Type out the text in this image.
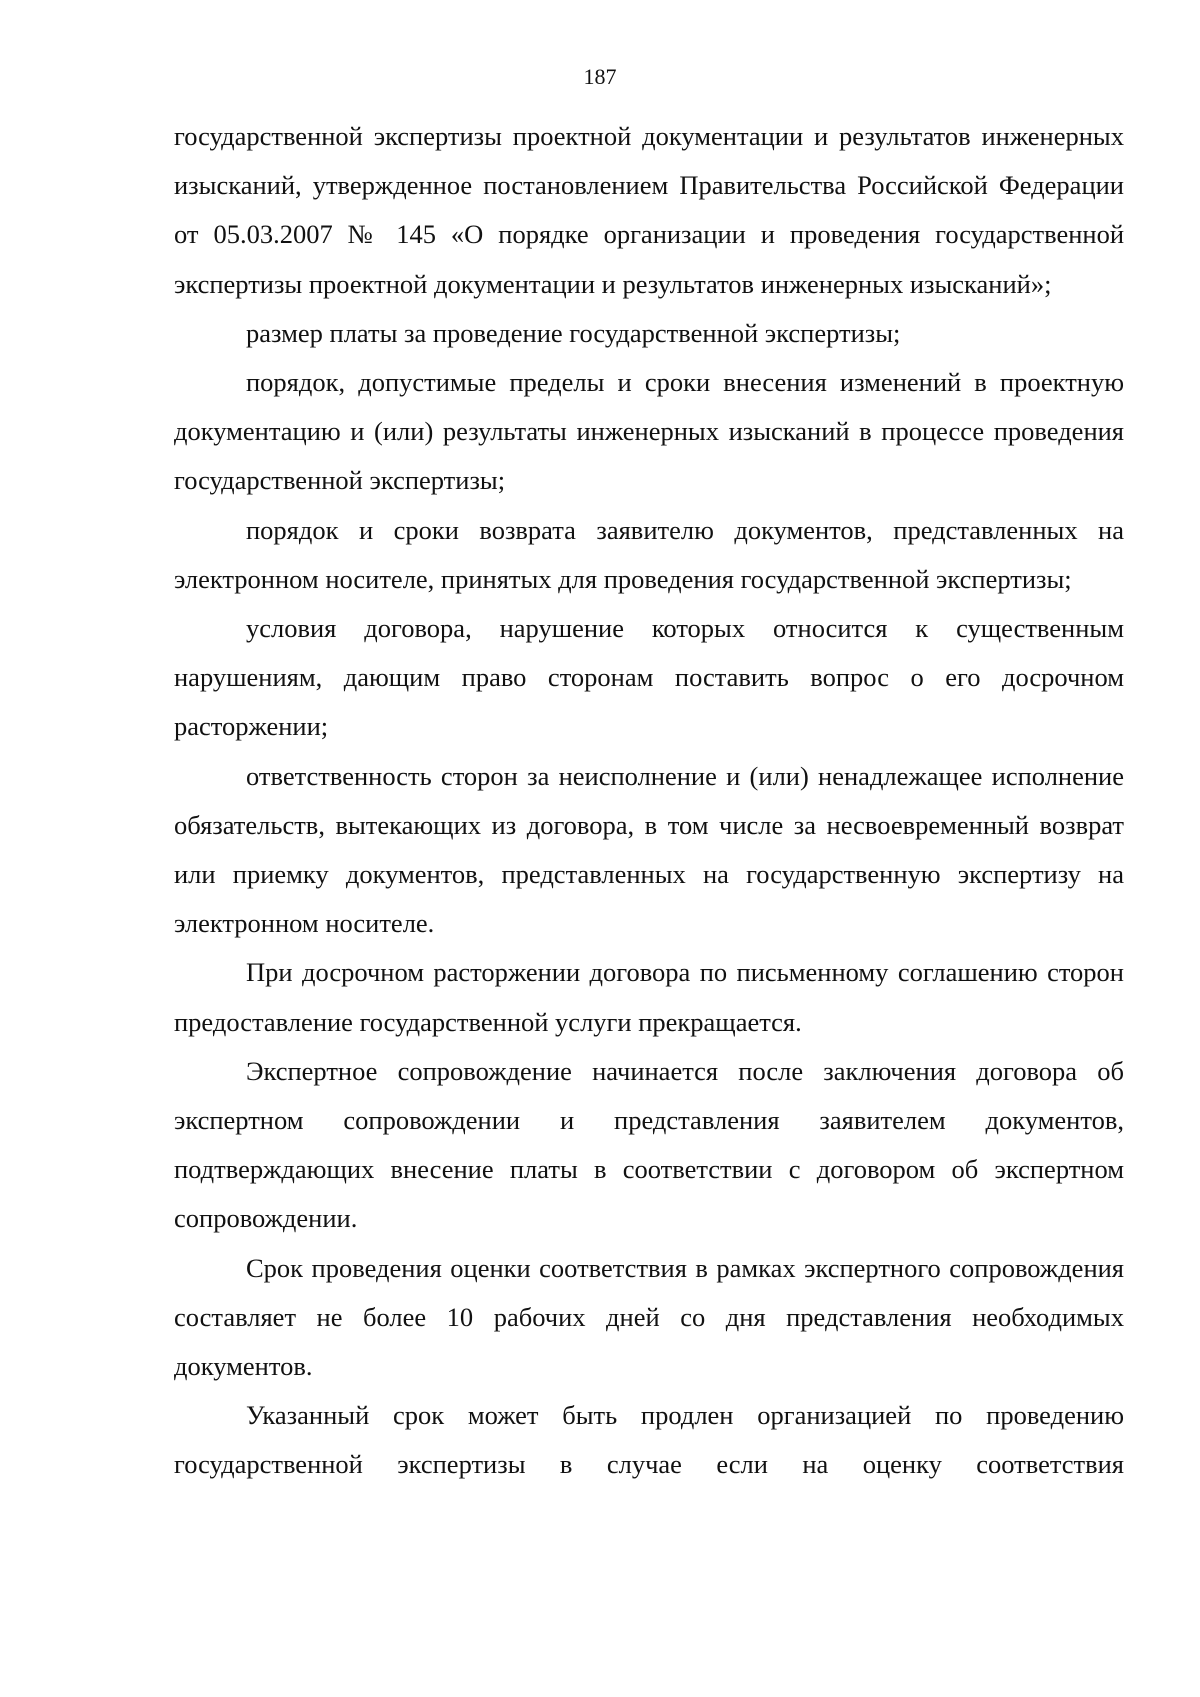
187

государственной экспертизы проектной документации и результатов инженерных изысканий, утвержденное постановлением Правительства Российской Федерации от 05.03.2007 № 145 «О порядке организации и проведения государственной экспертизы проектной документации и результатов инженерных изысканий»;

размер платы за проведение государственной экспертизы;

порядок, допустимые пределы и сроки внесения изменений в проектную документацию и (или) результаты инженерных изысканий в процессе проведения государственной экспертизы;

порядок и сроки возврата заявителю документов, представленных на электронном носителе, принятых для проведения государственной экспертизы;

условия договора, нарушение которых относится к существенным нарушениям, дающим право сторонам поставить вопрос о его досрочном расторжении;

ответственность сторон за неисполнение и (или) ненадлежащее исполнение обязательств, вытекающих из договора, в том числе за несвоевременный возврат или приемку документов, представленных на государственную экспертизу на электронном носителе.

При досрочном расторжении договора по письменному соглашению сторон предоставление государственной услуги прекращается.

Экспертное сопровождение начинается после заключения договора об экспертном сопровождении и представления заявителем документов, подтверждающих внесение платы в соответствии с договором об экспертном сопровождении.

Срок проведения оценки соответствия в рамках экспертного сопровождения составляет не более 10 рабочих дней со дня представления необходимых документов.

Указанный срок может быть продлен организацией по проведению государственной экспертизы в случае если на оценку соответствия
